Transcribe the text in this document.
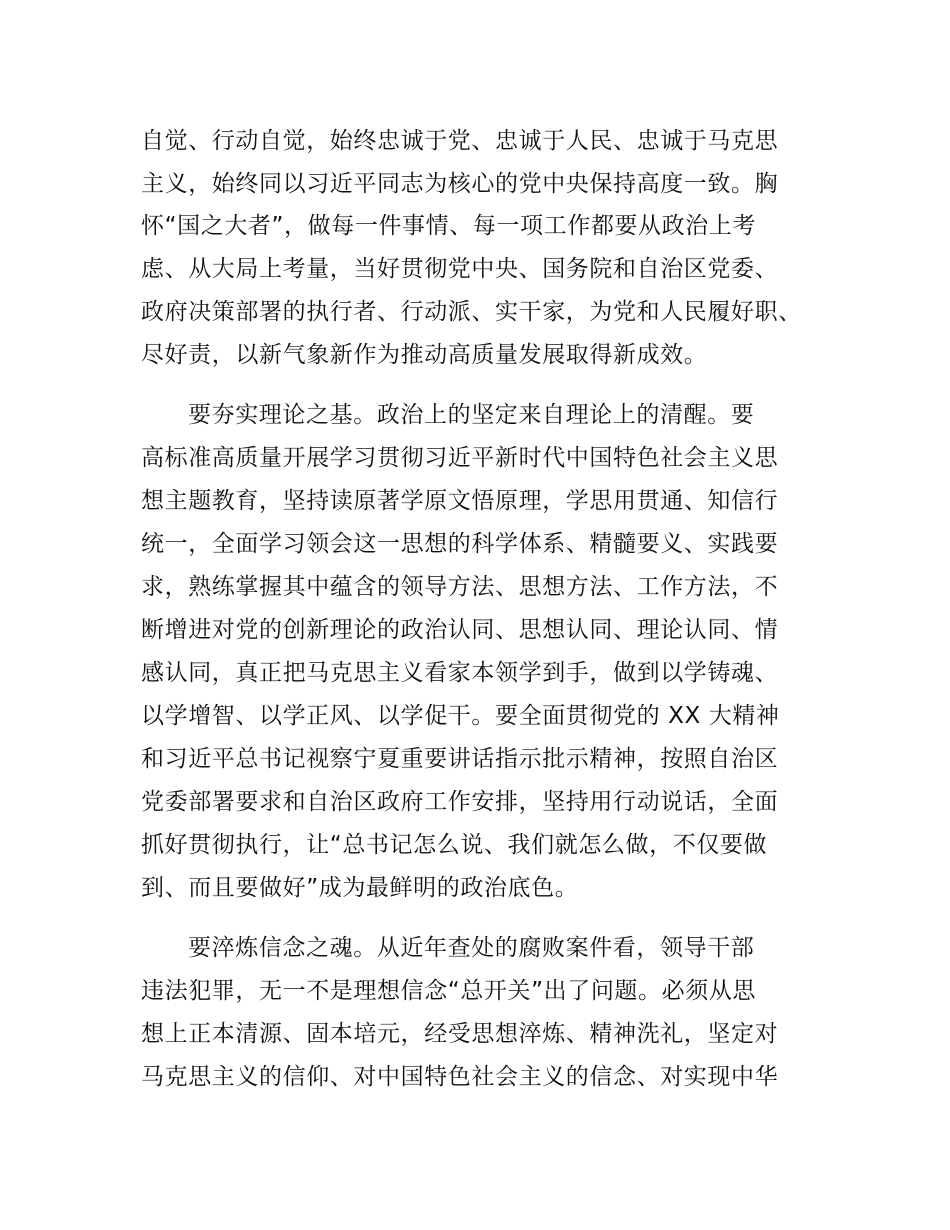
自觉、行动自觉，始终忠诚于党、忠诚于人民、忠诚于马克思
主义，始终同以习近平同志为核心的党中央保持高度一致。胸
怀“国之大者”，做每一件事情、每一项工作都要从政治上考
虑、从大局上考量，当好贯彻党中央、国务院和自治区党委、
政府决策部署的执行者、行动派、实干家，为党和人民履好职、
尽好责，以新气象新作为推动高质量发展取得新成效。
要夯实理论之基。政治上的坚定来自理论上的清醒。要
高标准高质量开展学习贯彻习近平新时代中国特色社会主义思
想主题教育，坚持读原著学原文悟原理，学思用贯通、知信行
统一，全面学习领会这一思想的科学体系、精髓要义、实践要
求，熟练掌握其中蕴含的领导方法、思想方法、工作方法，不
断增进对党的创新理论的政治认同、思想认同、理论认同、情
感认同，真正把马克思主义看家本领学到手，做到以学铸魂、
以学增智、以学正风、以学促干。要全面贯彻党的 XX 大精神
和习近平总书记视察宁夏重要讲话指示批示精神，按照自治区
党委部署要求和自治区政府工作安排，坚持用行动说话，全面
抓好贯彻执行，让“总书记怎么说、我们就怎么做，不仅要做
到、而且要做好”成为最鲜明的政治底色。
要淬炼信念之魂。从近年查处的腐败案件看，领导干部
违法犯罪，无一不是理想信念“总开关”出了问题。必须从思
想上正本清源、固本培元，经受思想淬炼、精神洗礼，坚定对
马克思主义的信仰、对中国特色社会主义的信念、对实现中华
